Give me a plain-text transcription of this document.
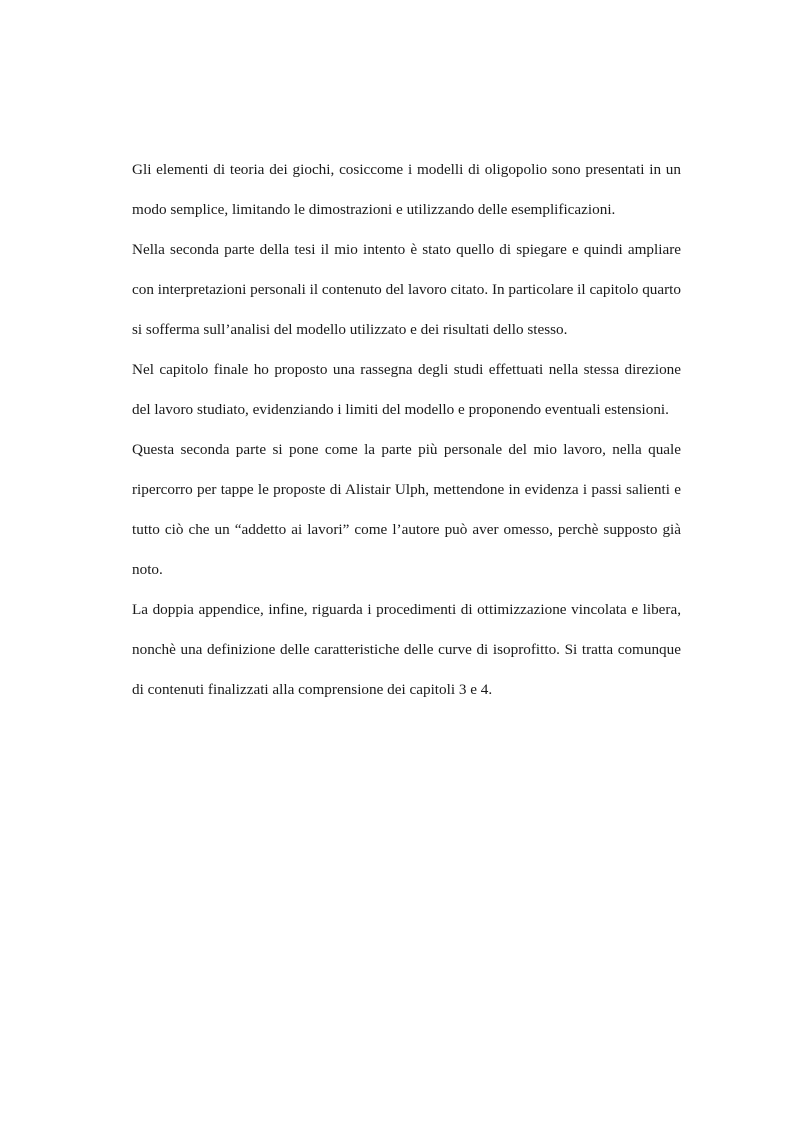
Gli elementi di teoria dei giochi, cosiccome i modelli di oligopolio sono presentati in un modo semplice, limitando le dimostrazioni e utilizzando delle esemplificazioni.

Nella seconda parte della tesi il mio intento è stato quello di spiegare e quindi ampliare con interpretazioni personali il contenuto del lavoro citato. In particolare il capitolo quarto si sofferma sull’analisi del modello utilizzato e dei risultati dello stesso.

Nel capitolo finale ho proposto una rassegna degli studi effettuati nella stessa direzione del lavoro studiato, evidenziando i limiti del modello e proponendo eventuali estensioni.

Questa seconda parte si pone come la parte più personale del mio lavoro, nella quale ripercorro per tappe le proposte di Alistair Ulph, mettendone in evidenza i passi salienti e tutto ciò che un “addetto ai lavori” come l’autore può aver omesso, perchè supposto già noto.

La doppia appendice, infine, riguarda i procedimenti di ottimizzazione vincolata e libera, nonchè una definizione delle caratteristiche delle curve di isoprofitto. Si tratta comunque di contenuti finalizzati alla comprensione dei capitoli 3 e 4.
